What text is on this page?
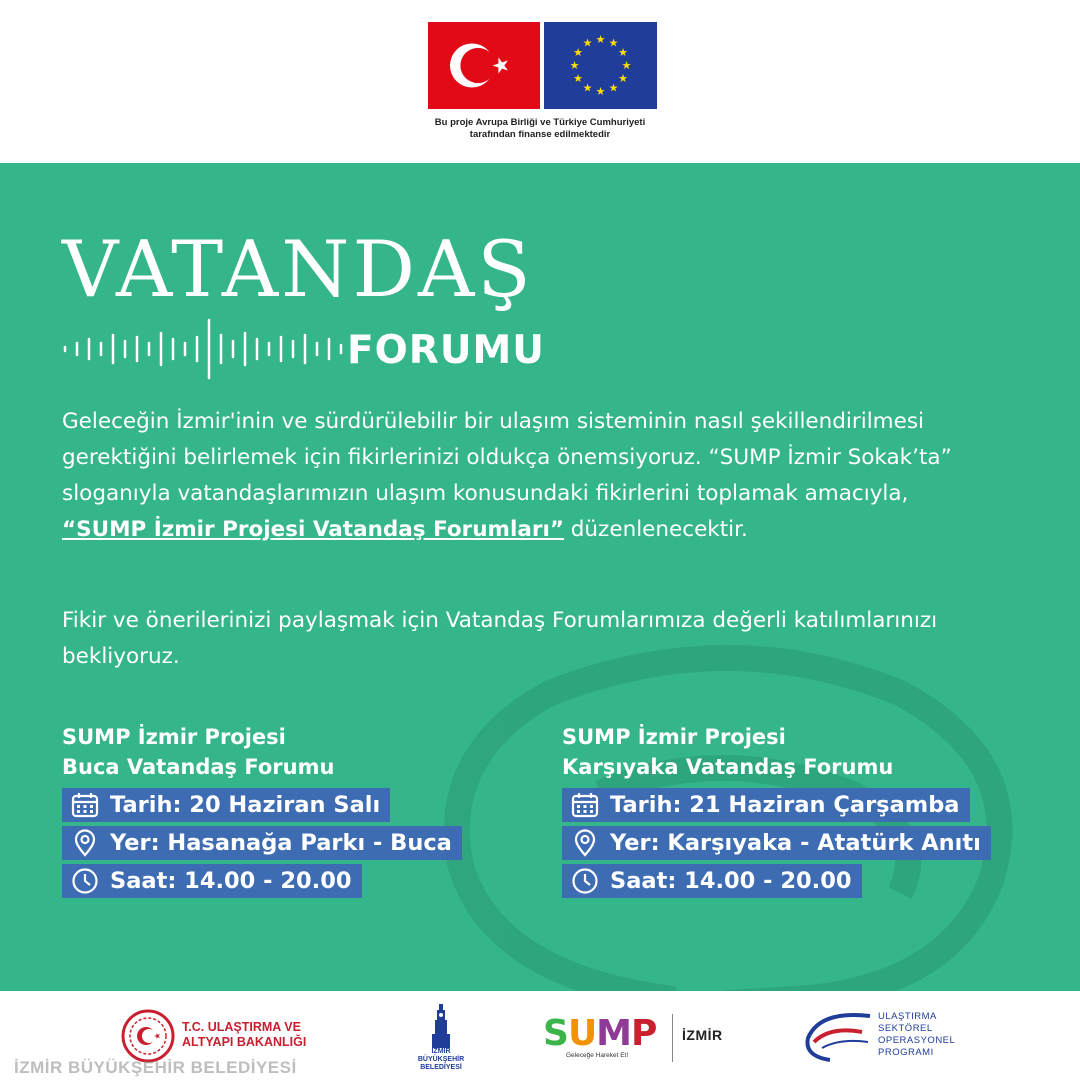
★ ★
★
★
★
★
★
★
★
★
★
★
Bu proje Avrupa Birliği ve Türkiye Cumhuriyeti
tarafından finanse edilmektedir
VATANDAŞ
FORUMU
Geleceğin İzmir'inin ve sürdürülebilir bir ulaşım sisteminin nasıl şekillendirilmesi gerektiğini belirlemek için fikirlerinizi oldukça önemsiyoruz. “SUMP İzmir Sokak’ta” sloganıyla vatandaşlarımızın ulaşım konusundaki fikirlerini toplamak amacıyla,
“SUMP İzmir Projesi Vatandaş Forumları” düzenlenecektir.
Fikir ve önerilerinizi paylaşmak için Vatandaş Forumlarımıza değerli katılımlarınızı bekliyoruz.
SUMP İzmir Projesi
Buca Vatandaş Forumu
Tarih: 20 Haziran Salı
Yer: Hasanağa Parkı - Buca
Saat: 14.00 - 20.00
SUMP İzmir Projesi
Karşıyaka Vatandaş Forumu
Tarih: 21 Haziran Çarşamba
Yer: Karşıyaka - Atatürk Anıtı
Saat: 14.00 - 20.00
T.C. ULAŞTIRMA VE
ALTYAPI BAKANLIĞI
İZMİR
BÜYÜKŞEHİR
BELEDİYESİ
SUMP
Geleceğe Hareket Et!
İZMİR
ULAŞTIRMA
SEKTÖREL
OPERASYONEL
PROGRAMI
İZMİR BÜYÜKŞEHİR BELEDİYESİ
